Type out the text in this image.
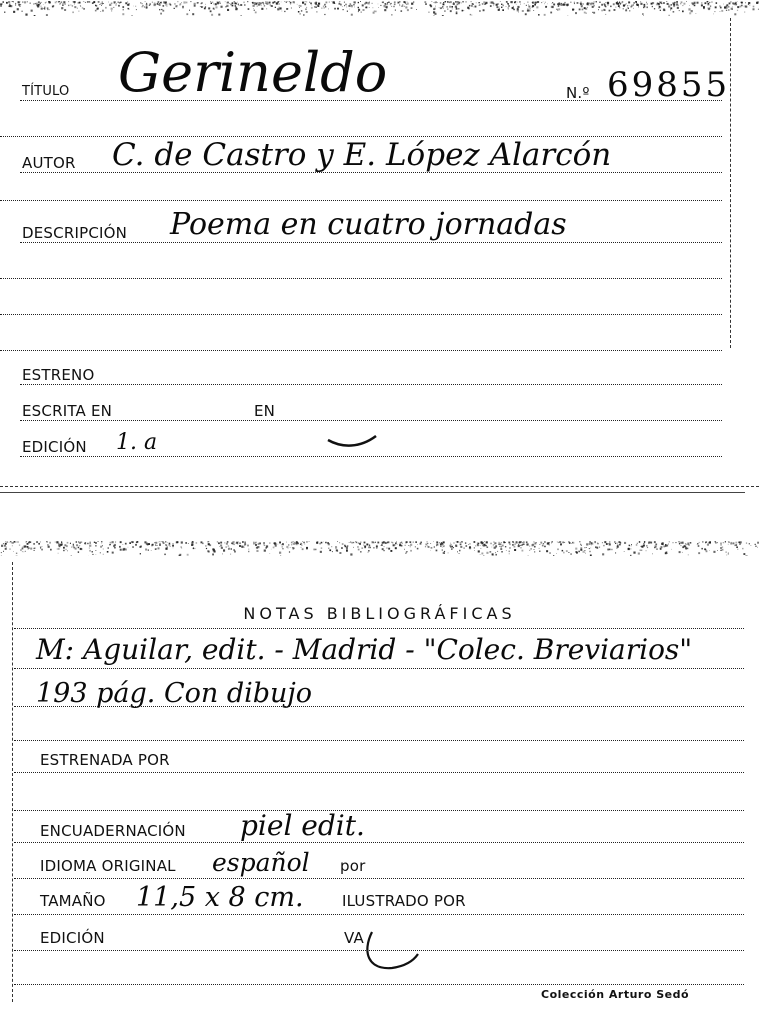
TÍTULO Gerineldo	N.º 69855
AUTOR C. de Castro y E. López Alarcón
DESCRIPCIÓN Poema en cuatro jornadas
ESTRENO
ESCRITA EN	EN
EDICIÓN 1. a
NOTAS BIBLIOGRÁFICAS
M: Aguilar, edit. - Madrid - "Colec. Breviarios"
193 pág. Con dibujo
ESTRENADA POR
ENCUADERNACIÓN piel edit.
IDIOMA ORIGINAL español por
TAMAÑO 11,5 x 8 cm.	ILUSTRADO POR
EDICIÓN	VA
Colección Arturo Sedó
